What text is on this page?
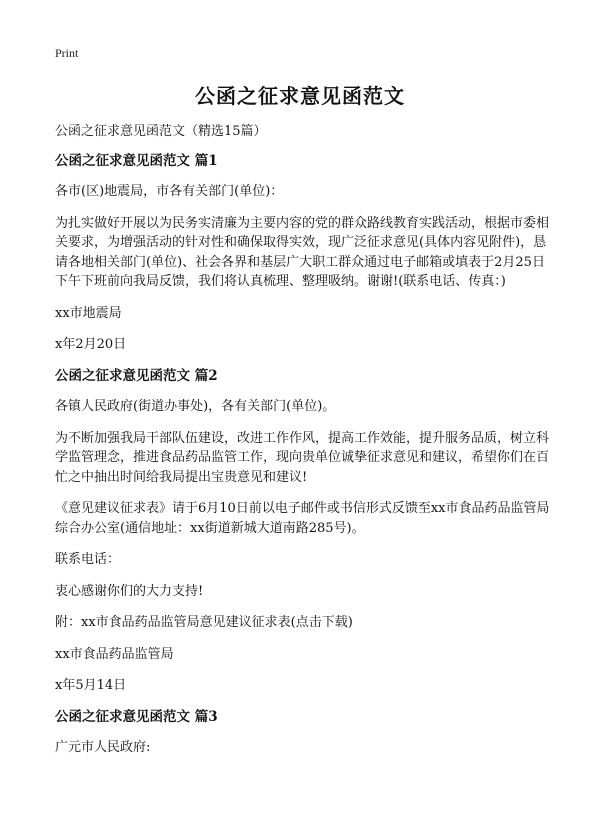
Print
公函之征求意见函范文

公函之征求意见函范文（精选15篇）

公函之征求意见函范文 篇1

各市(区)地震局，市各有关部门(单位)：

为扎实做好开展以为民务实清廉为主要内容的党的群众路线教育实践活动，根据市委相关要求，为增强活动的针对性和确保取得实效，现广泛征求意见(具体内容见附件)，恳请各地相关部门(单位)、社会各界和基层广大职工群众通过电子邮箱或填表于2月25日下午下班前向我局反馈，我们将认真梳理、整理吸纳。谢谢!(联系电话、传真：)

xx市地震局

x年2月20日

公函之征求意见函范文 篇2

各镇人民政府(街道办事处)，各有关部门(单位)。

为不断加强我局干部队伍建设，改进工作作风，提高工作效能，提升服务品质，树立科学监管理念，推进食品药品监管工作，现向贵单位诚挚征求意见和建议，希望你们在百忙之中抽出时间给我局提出宝贵意见和建议!

《意见建议征求表》请于6月10日前以电子邮件或书信形式反馈至xx市食品药品监管局综合办公室(通信地址：xx街道新城大道南路285号)。

联系电话：

衷心感谢你们的大力支持!

附：xx市食品药品监管局意见建议征求表(点击下载)

xx市食品药品监管局

x年5月14日

公函之征求意见函范文 篇3

广元市人民政府:
